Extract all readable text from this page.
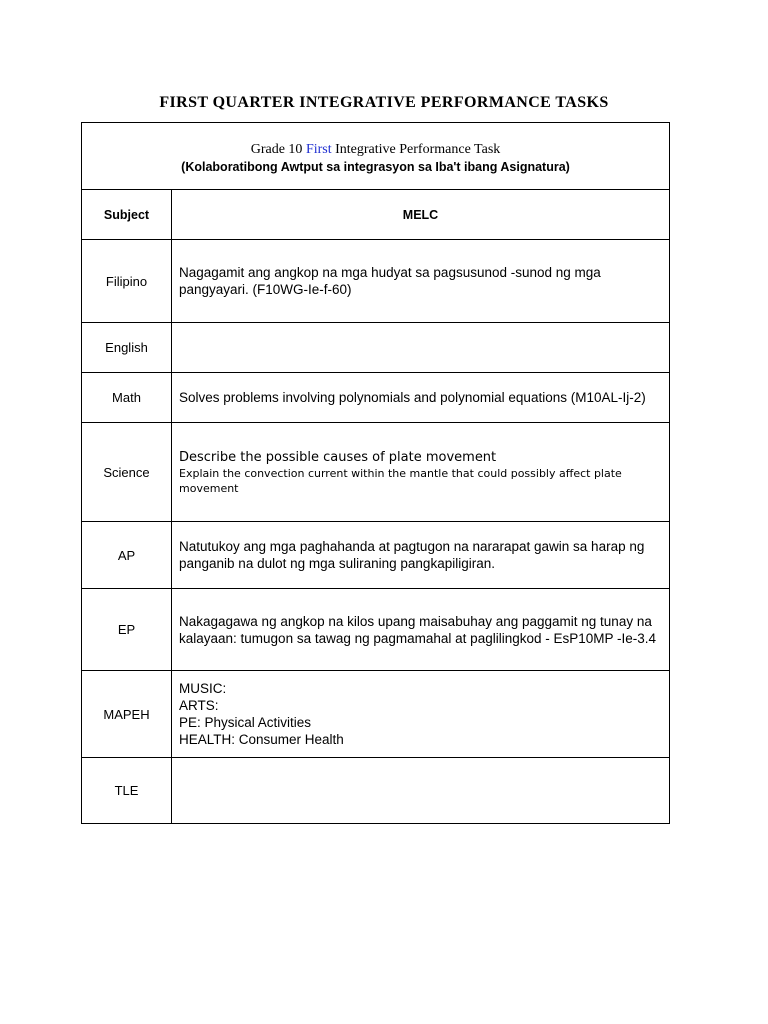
FIRST QUARTER INTEGRATIVE PERFORMANCE TASKS
Grade 10 First Integrative Performance Task
(Kolaboratibong Awtput sa integrasyon sa Iba't ibang Asignatura)	

Subject	MELC
Filipino	Nagagamit ang angkop na mga hudyat sa pagsusunod -sunod ng mga pangyayari. (F10WG-Ie-f-60)
English	
Math	Solves problems involving polynomials and polynomial equations (M10AL-Ij-2)
Science	Describe the possible causes of plate movement
Explain the convection current within the mantle that could possibly affect plate movement

AP	Natutukoy ang mga paghahanda at pagtugon na nararapat gawin sa harap ng panganib na dulot ng mga suliraning pangkapiligiran.
EP	Nakagagawa ng angkop na kilos upang maisabuhay ang paggamit ng tunay na kalayaan: tumugon sa tawag ng pagmamahal at paglilingkod - EsP10MP -Ie-3.4
MAPEH	MUSIC:
ARTS:
PE: Physical Activities
HEALTH: Consumer Health

TLE	
